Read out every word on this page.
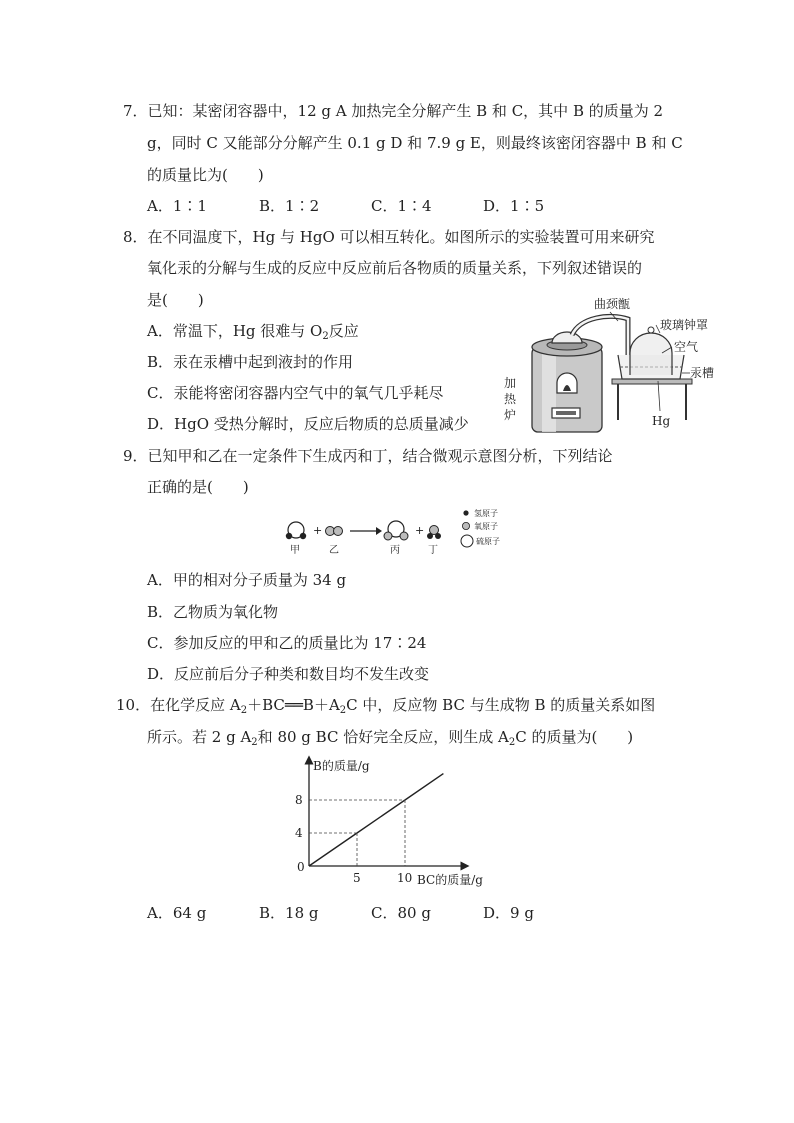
7．已知：某密闭容器中，12 g A 加热完全分解产生 B 和 C，其中 B 的质量为 2
g，同时 C 又能部分分解产生 0.1 g D 和 7.9 g E，则最终该密闭容器中 B 和 C
的质量比为(　　)
A．1∶1	B．1∶2	C．1∶4	D．1∶5
8．在不同温度下，Hg 与 HgO 可以相互转化。如图所示的实验装置可用来研究
氧化汞的分解与生成的反应中反应前后各物质的质量关系，下列叙述错误的
是(　　)
A．常温下，Hg 很难与 $O_2$反应
B．汞在汞槽中起到液封的作用
C．汞能将密闭容器内空气中的氧气几乎耗尽
D．HgO 受热分解时，反应后物质的总质量减少
曲颈甑
玻璃钟罩
空气
汞槽
Hg
加
热
炉
9．已知甲和乙在一定条件下生成丙和丁，结合微观示意图分析，下列结论
正确的是(　　)
+	+
甲	乙	丙	丁
氢原子
氧原子
硫原子
A．甲的相对分子质量为 34 g
B．乙物质为氧化物
C．参加反应的甲和乙的质量比为 17∶24
D．反应前后分子种类和数目均不发生改变
10．在化学反应 $A_2+BC══B+A_2C$ 中，反应物 BC 与生成物 B 的质量关系如图
所示。若 2 g $A_2$和 80 g BC 恰好完全反应，则生成 $A_2C$ 的质量为(　　)
5
4
10
8
B的质量/g
BC的质量/g
0
A．64 g	B．18 g	C．80 g	D．9 g
